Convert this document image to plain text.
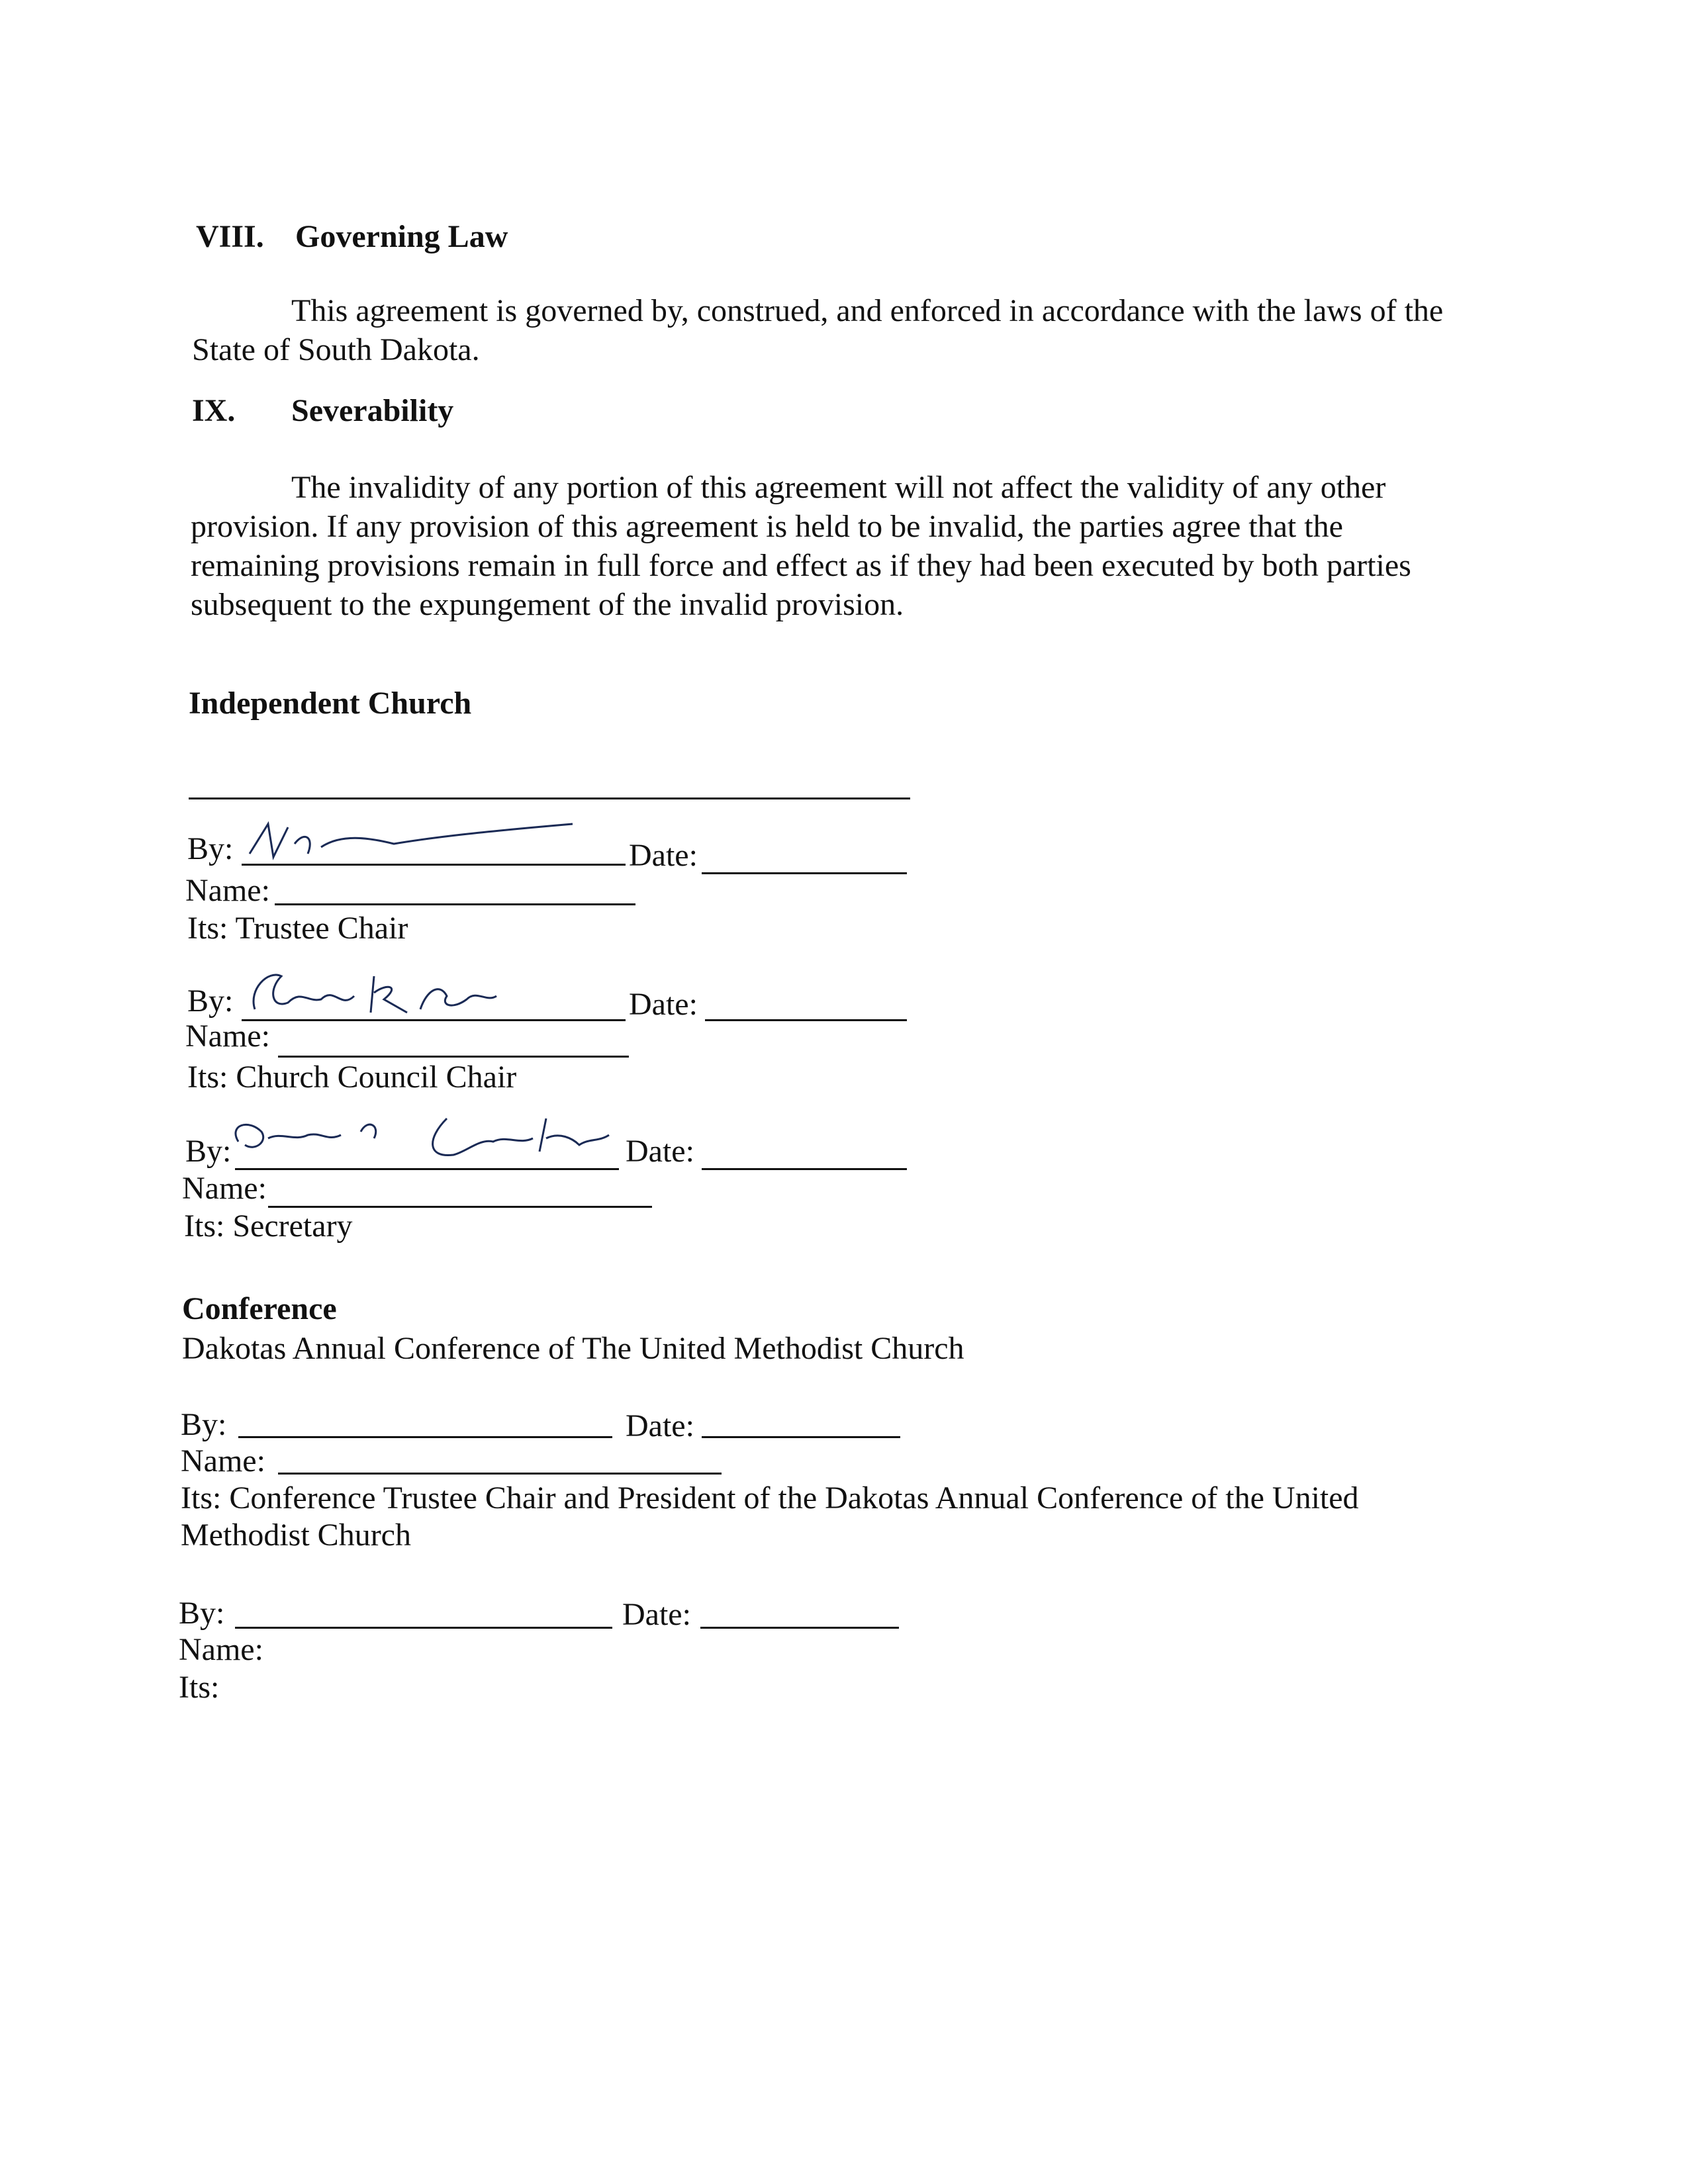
VIII. Governing Law
This agreement is governed by, construed, and enforced in accordance with the laws of the State of South Dakota.
IX. Severability
The invalidity of any portion of this agreement will not affect the validity of any other provision. If any provision of this agreement is held to be invalid, the parties agree that the remaining provisions remain in full force and effect as if they had been executed by both parties subsequent to the expungement of the invalid provision.
Independent Church
By:	Date:
Name:
Its: Trustee Chair
Wayne Van Wart
11-6-22
By:	Date:
Name:
Its: Church Council Chair
Jody Piper
11/6/22
By:	Date:
Name:
Its: Secretary
Janet Loeschke
11/7/22
Conference
Dakotas Annual Conference of The United Methodist Church
By:	Date:
Name:
Its: Conference Trustee Chair and President of the Dakotas Annual Conference of the United Methodist Church
By:	Date:
Name:
Its:
